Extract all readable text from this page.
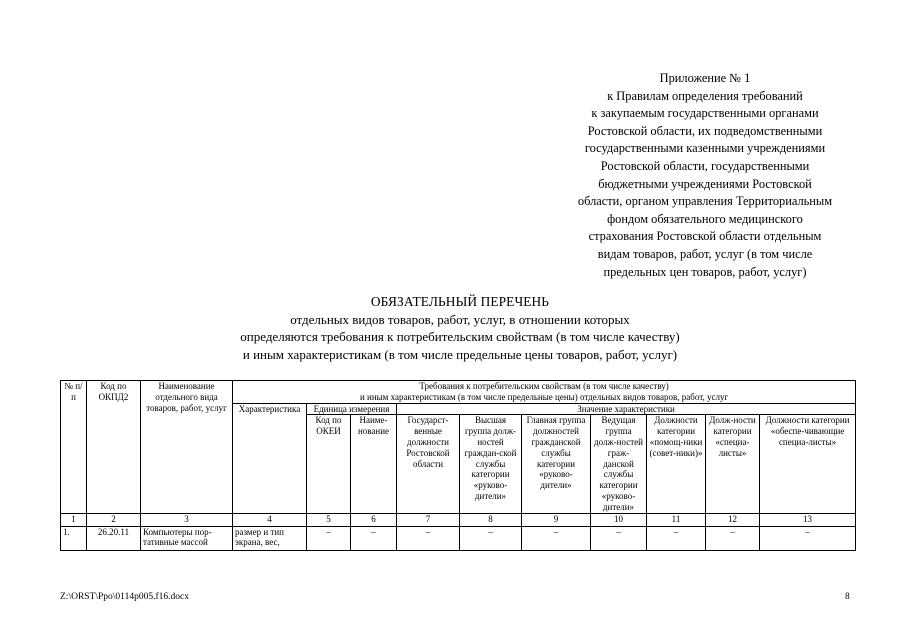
Приложение № 1
к Правилам определения требований
к закупаемым государственными органами
Ростовской области, их подведомственными
государственными казенными учреждениями
Ростовской области, государственными
бюджетными учреждениями Ростовской
области, органом управления Территориальным
фондом обязательного медицинского
страхования Ростовской области отдельным
видам товаров, работ, услуг (в том числе
предельных цен товаров, работ, услуг)
ОБЯЗАТЕЛЬНЫЙ ПЕРЕЧЕНЬ
отдельных видов товаров, работ, услуг, в отношении которых
определяются требования к потребительским свойствам (в том числе качеству)
и иным характеристикам (в том числе предельные цены товаров, работ, услуг)
№ п/п	Код по ОКПД2	Наименование отдельного вида товаров, работ, услуг	Требования к потребительским свойствам (в том числе качеству)
и иным характеристикам (в том числе предельные цены) отдельных видов товаров, работ, услуг									

			Характеристика	Единица измерения		Значение характеристики						
				Код по ОКЕИ	Наиме-нование	Государст-венные должности Ростовской области	Высшая группа долж-ностей граждан-ской службы категории «руково-дители»	Главная группа должностей гражданской службы категории «руково-дители»	Ведущая группа долж-ностей граж-данской службы категории «руково-дители»	Должности категории «помощ-ники (совет-ники)»	Долж-ности категории «специа-листы»	Должности категории «обеспе-чивающие специа-листы»

1	2	3	4	5	6	7	8	9	10	11	12	13
1.	26.20.11	Компьютеры пор-тативные массой	размер и тип экрана, вес,	–	–	–	–	–	–	–	–	–
Z:\ORST\Ppo\0114p005.f16.docx	8
